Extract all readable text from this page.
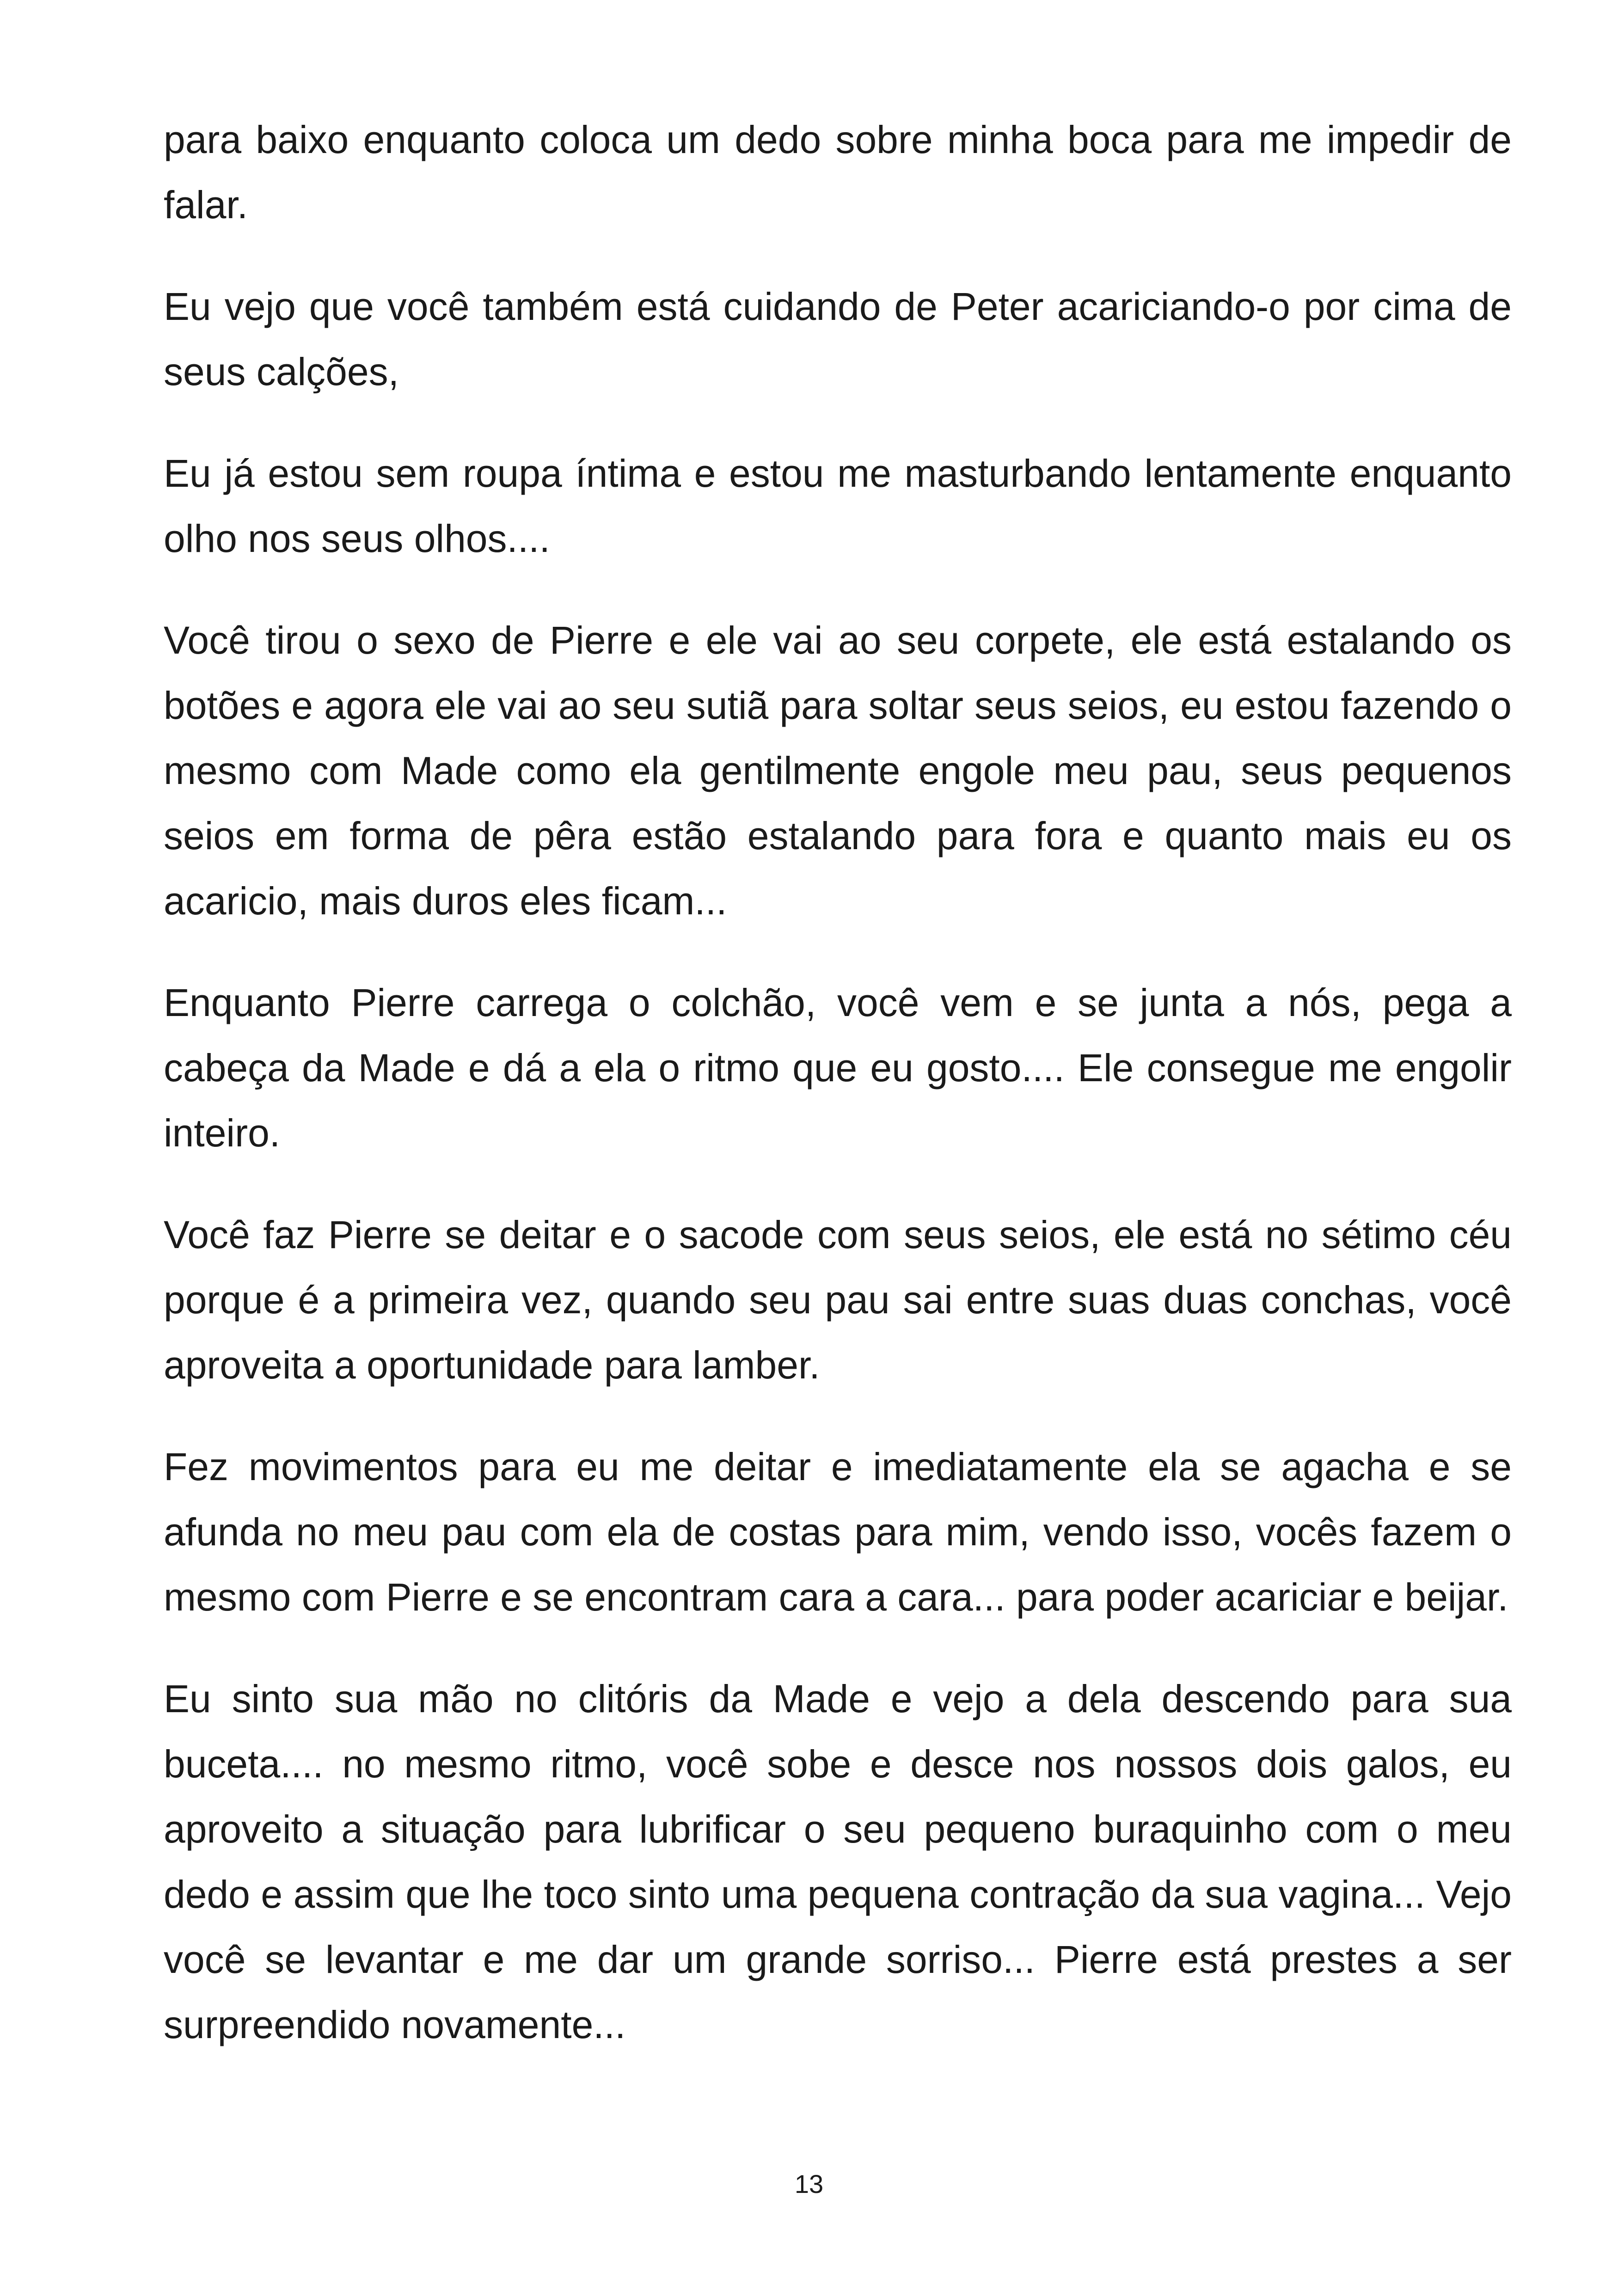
para baixo enquanto coloca um dedo sobre minha boca para me impedir de falar.

Eu vejo que você também está cuidando de Peter acariciando-o por cima de seus calções,

Eu já estou sem roupa íntima e estou me masturbando lentamente enquanto olho nos seus olhos....

Você tirou o sexo de Pierre e ele vai ao seu corpete, ele está estalando os botões e agora ele vai ao seu sutiã para soltar seus seios, eu estou fazendo o mesmo com Made como ela gentilmente engole meu pau, seus pequenos seios em forma de pêra estão estalando para fora e quanto mais eu os acaricio, mais duros eles ficam...

Enquanto Pierre carrega o colchão, você vem e se junta a nós, pega a cabeça da Made e dá a ela o ritmo que eu gosto.... Ele consegue me engolir inteiro.

Você faz Pierre se deitar e o sacode com seus seios, ele está no sétimo céu porque é a primeira vez, quando seu pau sai entre suas duas conchas, você aproveita a oportunidade para lamber.

Fez movimentos para eu me deitar e imediatamente ela se agacha e se afunda no meu pau com ela de costas para mim, vendo isso, vocês fazem o mesmo com Pierre e se encontram cara a cara... para poder acariciar e beijar.

Eu sinto sua mão no clitóris da Made e vejo a dela descendo para sua buceta.... no mesmo ritmo, você sobe e desce nos nossos dois galos, eu aproveito a situação para lubrificar o seu pequeno buraquinho com o meu dedo e assim que lhe toco sinto uma pequena contração da sua vagina... Vejo você se levantar e me dar um grande sorriso... Pierre está prestes a ser surpreendido novamente...

13
